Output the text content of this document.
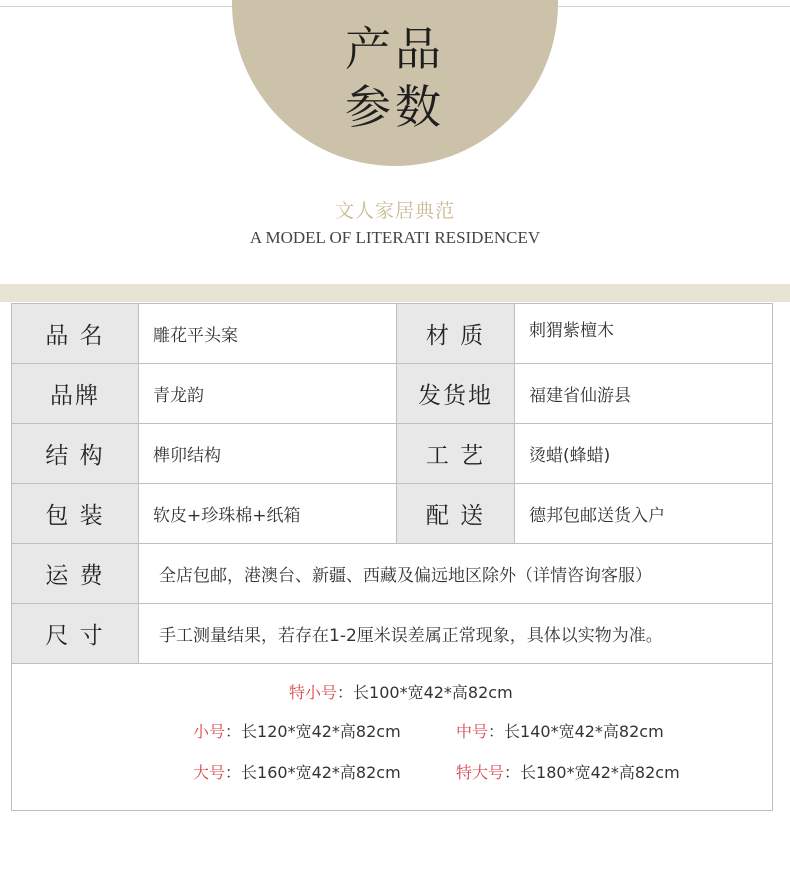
产品
参数
文人家居典范
A MODEL OF LITERATI RESIDENCEV
品 名	雕花平头案	材 质	刺猬紫檀木
品牌	青龙韵	发货地	福建省仙游县
结 构	榫卯结构	工 艺	烫蜡(蜂蜡)
包 装	软皮+珍珠棉+纸箱	配 送	德邦包邮送货入户
运 费	全店包邮，港澳台、新疆、西藏及偏远地区除外（详情咨询客服）
尺 寸	手工测量结果，若存在1-2厘米误差属正常现象，具体以实物为准。
特小号：长100*宽42*高82cm
小号：长120*宽42*高82cm	中号：长140*宽42*高82cm
大号：长160*宽42*高82cm	特大号：长180*宽42*高82cm
